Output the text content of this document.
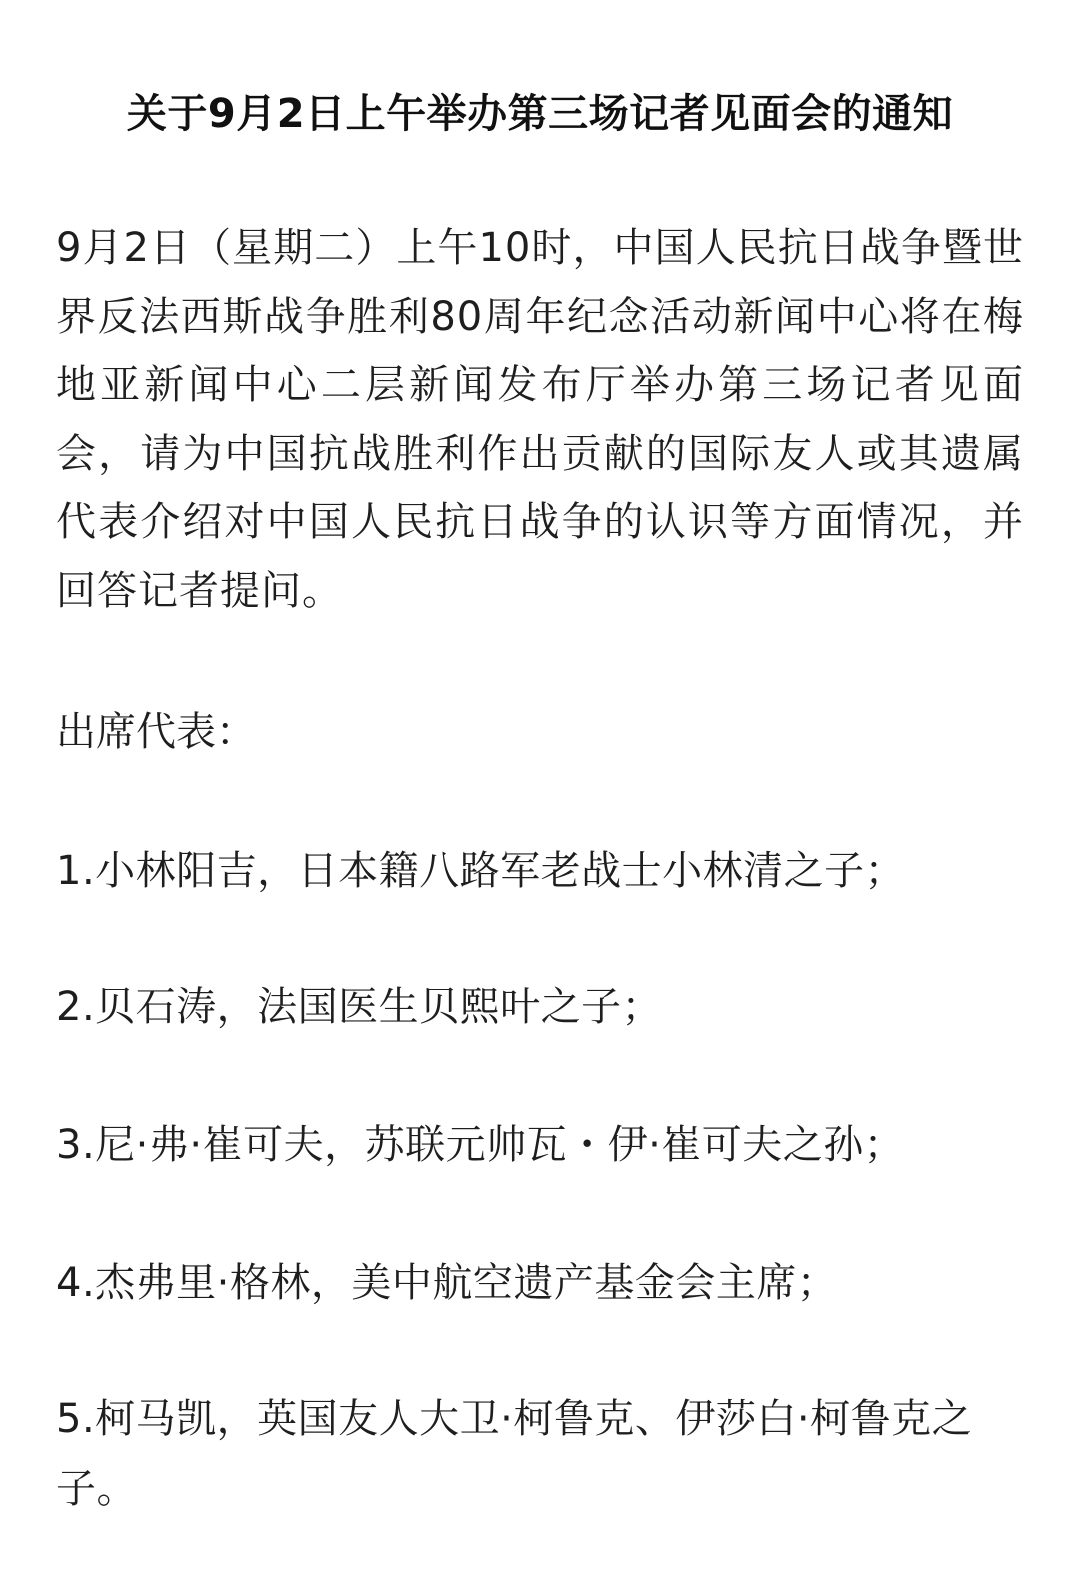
关于9月2日上午举办第三场记者见面会的通知
9月2日（星期二）上午10时，中国人民抗日战争暨世界反法西斯战争胜利80周年纪念活动新闻中心将在梅地亚新闻中心二层新闻发布厅举办第三场记者见面会，请为中国抗战胜利作出贡献的国际友人或其遗属代表介绍对中国人民抗日战争的认识等方面情况，并回答记者提问。
出席代表：
1.小林阳吉，日本籍八路军老战士小林清之子；
2.贝石涛，法国医生贝熙叶之子；
3.尼·弗·崔可夫，苏联元帅瓦・伊·崔可夫之孙；
4.杰弗里·格林，美中航空遗产基金会主席；
5.柯马凯，英国友人大卫·柯鲁克、伊莎白·柯鲁克之子。
